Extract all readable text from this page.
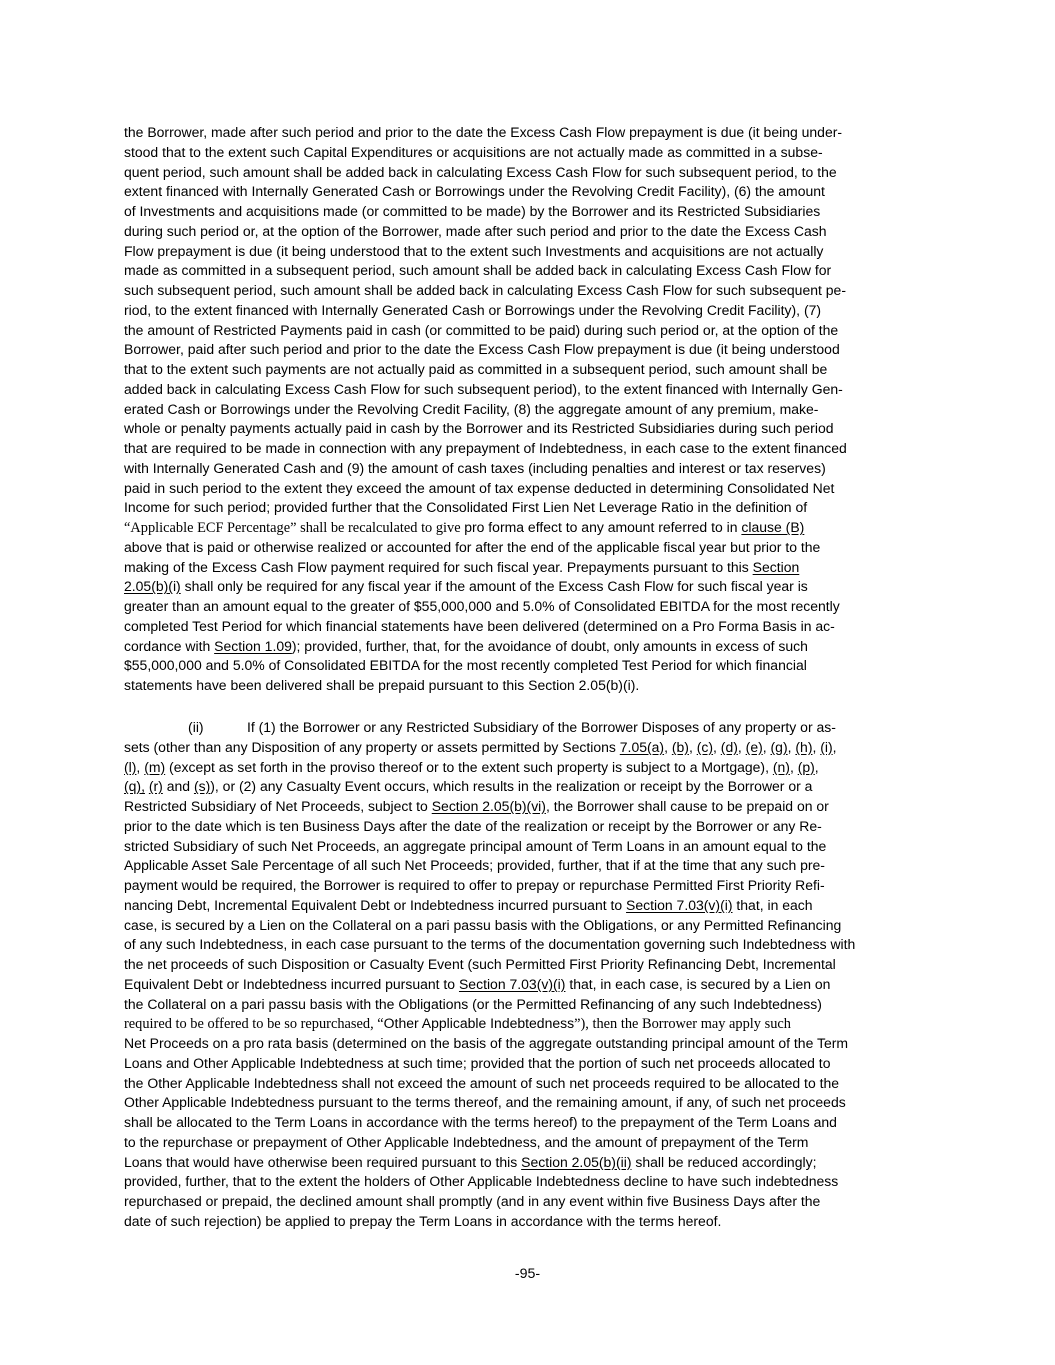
the Borrower, made after such period and prior to the date the Excess Cash Flow prepayment is due (it being under-
stood that to the extent such Capital Expenditures or acquisitions are not actually made as committed in a subse-
quent period, such amount shall be added back in calculating Excess Cash Flow for such subsequent period, to the
extent financed with Internally Generated Cash or Borrowings under the Revolving Credit Facility), (6) the amount
of Investments and acquisitions made (or committed to be made) by the Borrower and its Restricted Subsidiaries
during such period or, at the option of the Borrower, made after such period and prior to the date the Excess Cash
Flow prepayment is due (it being understood that to the extent such Investments and acquisitions are not actually
made as committed in a subsequent period, such amount shall be added back in calculating Excess Cash Flow for
such subsequent period, such amount shall be added back in calculating Excess Cash Flow for such subsequent pe-
riod, to the extent financed with Internally Generated Cash or Borrowings under the Revolving Credit Facility), (7)
the amount of Restricted Payments paid in cash (or committed to be paid) during such period or, at the option of the
Borrower, paid after such period and prior to the date the Excess Cash Flow prepayment is due (it being understood
that to the extent such payments are not actually paid as committed in a subsequent period, such amount shall be
added back in calculating Excess Cash Flow for such subsequent period), to the extent financed with Internally Gen-
erated Cash or Borrowings under the Revolving Credit Facility, (8) the aggregate amount of any premium, make-
whole or penalty payments actually paid in cash by the Borrower and its Restricted Subsidiaries during such period
that are required to be made in connection with any prepayment of Indebtedness, in each case to the extent financed
with Internally Generated Cash and (9) the amount of cash taxes (including penalties and interest or tax reserves)
paid in such period to the extent they exceed the amount of tax expense deducted in determining Consolidated Net
Income for such period; provided further that the Consolidated First Lien Net Leverage Ratio in the definition of
“Applicable ECF Percentage” shall be recalculated to give pro forma effect to any amount referred to in clause (B)
above that is paid or otherwise realized or accounted for after the end of the applicable fiscal year but prior to the
making of the Excess Cash Flow payment required for such fiscal year. Prepayments pursuant to this Section
2.05(b)(i) shall only be required for any fiscal year if the amount of the Excess Cash Flow for such fiscal year is
greater than an amount equal to the greater of $55,000,000 and 5.0% of Consolidated EBITDA for the most recently
completed Test Period for which financial statements have been delivered (determined on a Pro Forma Basis in ac-
cordance with Section 1.09); provided, further, that, for the avoidance of doubt, only amounts in excess of such
$55,000,000 and 5.0% of Consolidated EBITDA for the most recently completed Test Period for which financial
statements have been delivered shall be prepaid pursuant to this Section 2.05(b)(i).
(ii)	If (1) the Borrower or any Restricted Subsidiary of the Borrower Disposes of any property or as-
sets (other than any Disposition of any property or assets permitted by Sections 7.05(a), (b), (c), (d), (e), (g), (h), (i),
(l), (m) (except as set forth in the proviso thereof or to the extent such property is subject to a Mortgage), (n), (p),
(q), (r) and (s)), or (2) any Casualty Event occurs, which results in the realization or receipt by the Borrower or a
Restricted Subsidiary of Net Proceeds, subject to Section 2.05(b)(vi), the Borrower shall cause to be prepaid on or
prior to the date which is ten Business Days after the date of the realization or receipt by the Borrower or any Re-
stricted Subsidiary of such Net Proceeds, an aggregate principal amount of Term Loans in an amount equal to the
Applicable Asset Sale Percentage of all such Net Proceeds; provided, further, that if at the time that any such pre-
payment would be required, the Borrower is required to offer to prepay or repurchase Permitted First Priority Refi-
nancing Debt, Incremental Equivalent Debt or Indebtedness incurred pursuant to Section 7.03(v)(i) that, in each
case, is secured by a Lien on the Collateral on a pari passu basis with the Obligations, or any Permitted Refinancing
of any such Indebtedness, in each case pursuant to the terms of the documentation governing such Indebtedness with
the net proceeds of such Disposition or Casualty Event (such Permitted First Priority Refinancing Debt, Incremental
Equivalent Debt or Indebtedness incurred pursuant to Section 7.03(v)(i) that, in each case, is secured by a Lien on
the Collateral on a pari passu basis with the Obligations (or the Permitted Refinancing of any such Indebtedness)
required to be offered to be so repurchased, “Other Applicable Indebtedness”), then the Borrower may apply such
Net Proceeds on a pro rata basis (determined on the basis of the aggregate outstanding principal amount of the Term
Loans and Other Applicable Indebtedness at such time; provided that the portion of such net proceeds allocated to
the Other Applicable Indebtedness shall not exceed the amount of such net proceeds required to be allocated to the
Other Applicable Indebtedness pursuant to the terms thereof, and the remaining amount, if any, of such net proceeds
shall be allocated to the Term Loans in accordance with the terms hereof) to the prepayment of the Term Loans and
to the repurchase or prepayment of Other Applicable Indebtedness, and the amount of prepayment of the Term
Loans that would have otherwise been required pursuant to this Section 2.05(b)(ii) shall be reduced accordingly;
provided, further, that to the extent the holders of Other Applicable Indebtedness decline to have such indebtedness
repurchased or prepaid, the declined amount shall promptly (and in any event within five Business Days after the
date of such rejection) be applied to prepay the Term Loans in accordance with the terms hereof.
-95-
